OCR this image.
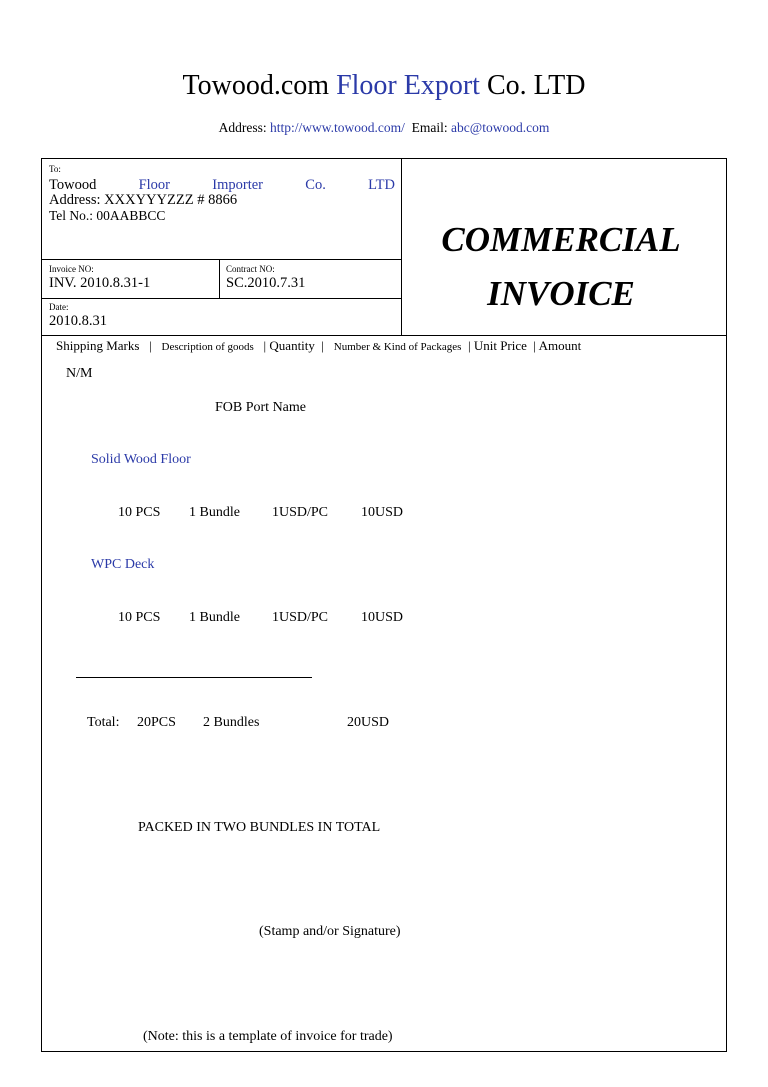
Towood.com Floor Export Co. LTD
Address: http://www.towood.com/ Email: abc@towood.com
To:
Towood	Floor	Importer	Co.	LTD
Address: XXXYYYZZZ # 8866
Tel No.: 00AABBCC
Invoice NO:
INV. 2010.8.31-1
Contract NO:
SC.2010.7.31
Date:
2010.8.31
COMMERCIAL
INVOICE
Shipping Marks | Description of goods | Quantity | Number & Kind of Packages | Unit Price | Amount
N/M
FOB Port Name
Solid Wood Floor
10 PCS 1 Bundle 1USD/PC 10USD
WPC Deck
10 PCS 1 Bundle 1USD/PC 10USD
Total: 20PCS 2 Bundles	20USD
PACKED IN TWO BUNDLES IN TOTAL
(Stamp and/or Signature)
(Note: this is a template of invoice for trade)
